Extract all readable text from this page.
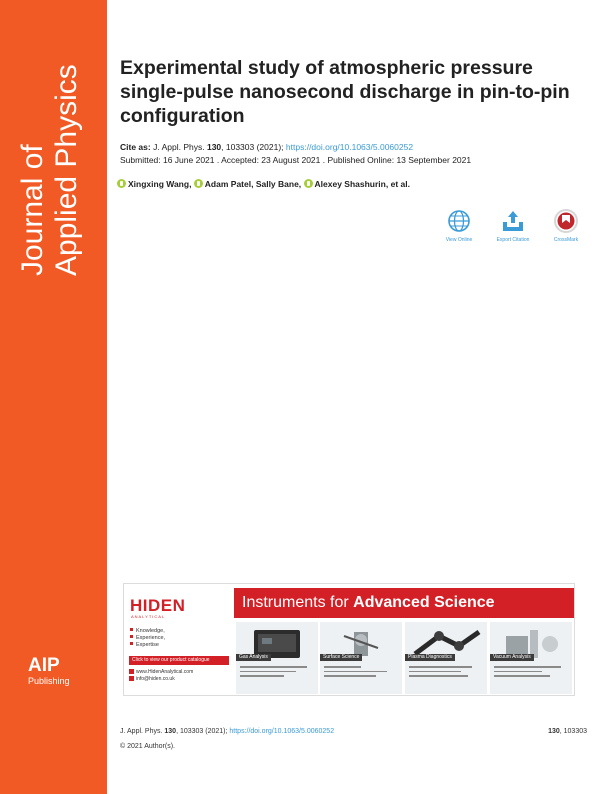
Journal of Applied Physics
AIP
Publishing
Experimental study of atmospheric pressure single-pulse nanosecond discharge in pin-to-pin configuration
Cite as: J. Appl. Phys. 130, 103303 (2021); https://doi.org/10.1063/5.0060252
Submitted: 16 June 2021 . Accepted: 23 August 2021 . Published Online: 13 September 2021
Xingxing Wang, Adam Patel, Sally Bane, Alexey Shashurin, et al.
View Online	Export Citation	CrossMark
HIDEN
ANALYTICAL
Knowledge,
Experience,
Expertise
Click to view our product catalogue
www.HidenAnalytical.com
info@hiden.co.uk
Instruments for Advanced Science
Gas Analysis	Surface Science	Plasma Diagnostics	Vacuum Analysis
J. Appl. Phys. 130, 103303 (2021); https://doi.org/10.1063/5.0060252	130, 103303
© 2021 Author(s).
